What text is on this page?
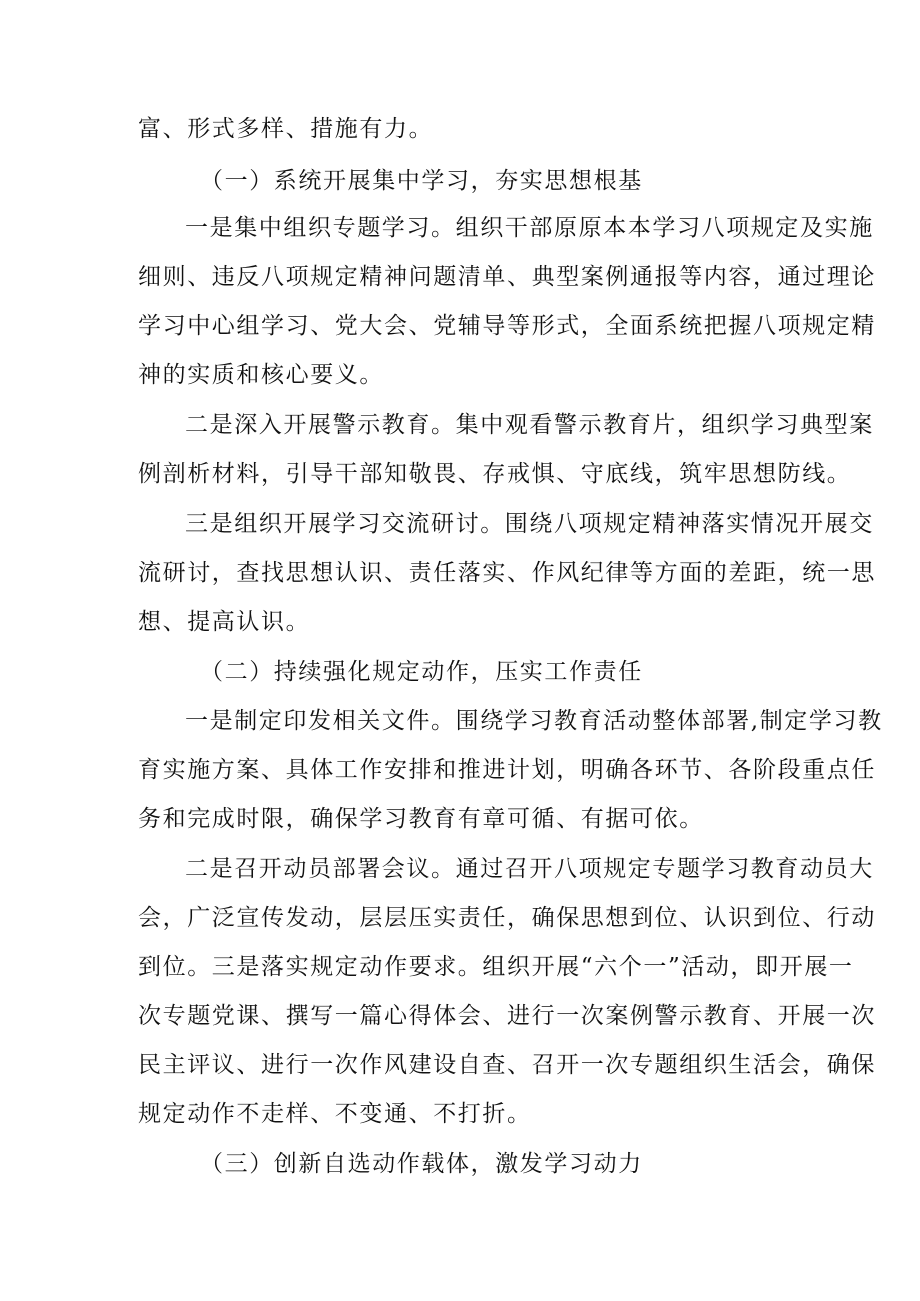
富、形式多样、措施有力。
（一）系统开展集中学习，夯实思想根基
一是集中组织专题学习。组织干部原原本本学习八项规定及实施
细则、违反八项规定精神问题清单、典型案例通报等内容，通过理论
学习中心组学习、党大会、党辅导等形式，全面系统把握八项规定精
神的实质和核心要义。
二是深入开展警示教育。集中观看警示教育片，组织学习典型案
例剖析材料，引导干部知敬畏、存戒惧、守底线，筑牢思想防线。
三是组织开展学习交流研讨。围绕八项规定精神落实情况开展交
流研讨，查找思想认识、责任落实、作风纪律等方面的差距，统一思
想、提高认识。
（二）持续强化规定动作，压实工作责任
一是制定印发相关文件。围绕学习教育活动整体部署,制定学习教
育实施方案、具体工作安排和推进计划，明确各环节、各阶段重点任
务和完成时限，确保学习教育有章可循、有据可依。
二是召开动员部署会议。通过召开八项规定专题学习教育动员大
会，广泛宣传发动，层层压实责任，确保思想到位、认识到位、行动
到位。三是落实规定动作要求。组织开展“六个一”活动，即开展一
次专题党课、撰写一篇心得体会、进行一次案例警示教育、开展一次
民主评议、进行一次作风建设自查、召开一次专题组织生活会，确保
规定动作不走样、不变通、不打折。
（三）创新自选动作载体，激发学习动力
